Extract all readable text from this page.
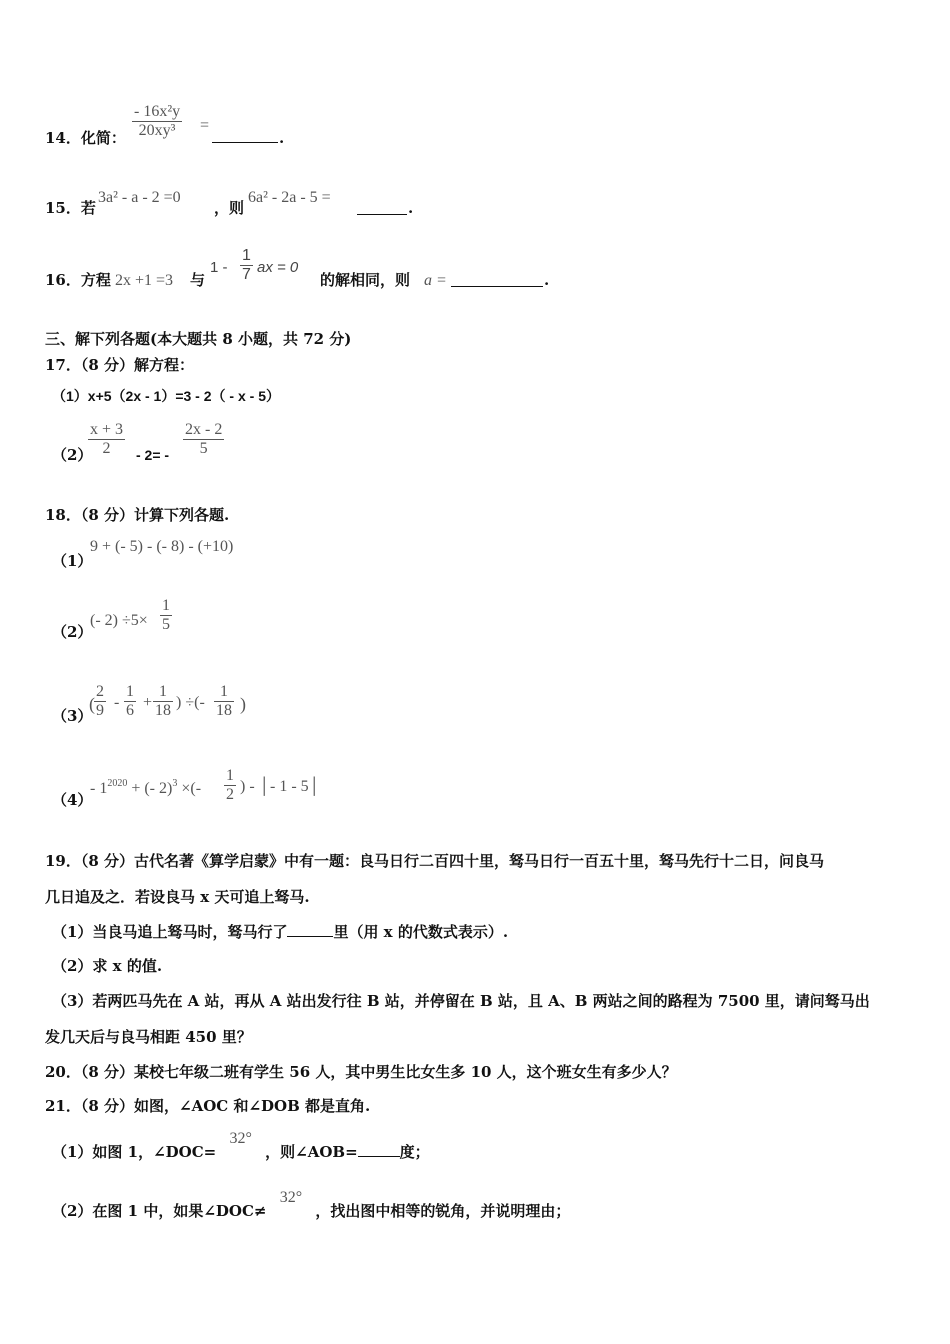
14．化简： $\frac{\text{- 16x²y}}{\text{20xy³}}$ =
.
15．若
3a² - a - 2 =0
，则
6a² - 2a - 5 =
.
16．方程 2x +1 =3 与
$1 - \frac{1}{7}$ ax = 0
的解相同，则 a =	.
三、解下列各题(本大题共 8 小题，共 72 分)
17．（8 分）解方程：
（1）x+5（2x - 1）=3 - 2（ - x - 5）
（2）
$\frac{x + 3}{2} - 2= - \frac{2x - 2}{5}$
18．（8 分）计算下列各题.
（1）
9 + (- 5) - (- 8) - (+10)
（2）
(- $2) \div 5\times \frac{1}{5}$
（3）
( $\frac{2}{9} - \frac{1}{6} + \frac{1}{18}$ ) ÷(- $\frac{1}{18}$ )
（4）
- $1^{2020}$ + (- 2)$^3$ ×(- $\frac{1}{2}$ ) - │- 1 - 5│
19．（8 分）古代名著《算学启蒙》中有一题：良马日行二百四十里，驽马日行一百五十里，驽马先行十二日，问良马
几日追及之．若设良马 x 天可追上驽马.
（1）当良马追上驽马时，驽马行了	里（用 x 的代数式表示）.
（2）求 x 的值.
（3）若两匹马先在 A 站，再从 A 站出发行往 B 站，并停留在 B 站，且 A、B 两站之间的路程为 7500 里，请问驽马出
发几天后与良马相距 450 里？
20．（8 分）某校七年级二班有学生 56 人，其中男生比女生多 10 人，这个班女生有多少人？
21．（8 分）如图，∠AOC 和∠DOB 都是直角.
（1）如图 1，∠DOC= 32° ，则∠AOB=	度；
（2）在图 1 中，如果∠DOC≠ 32° ，找出图中相等的锐角，并说明理由；
